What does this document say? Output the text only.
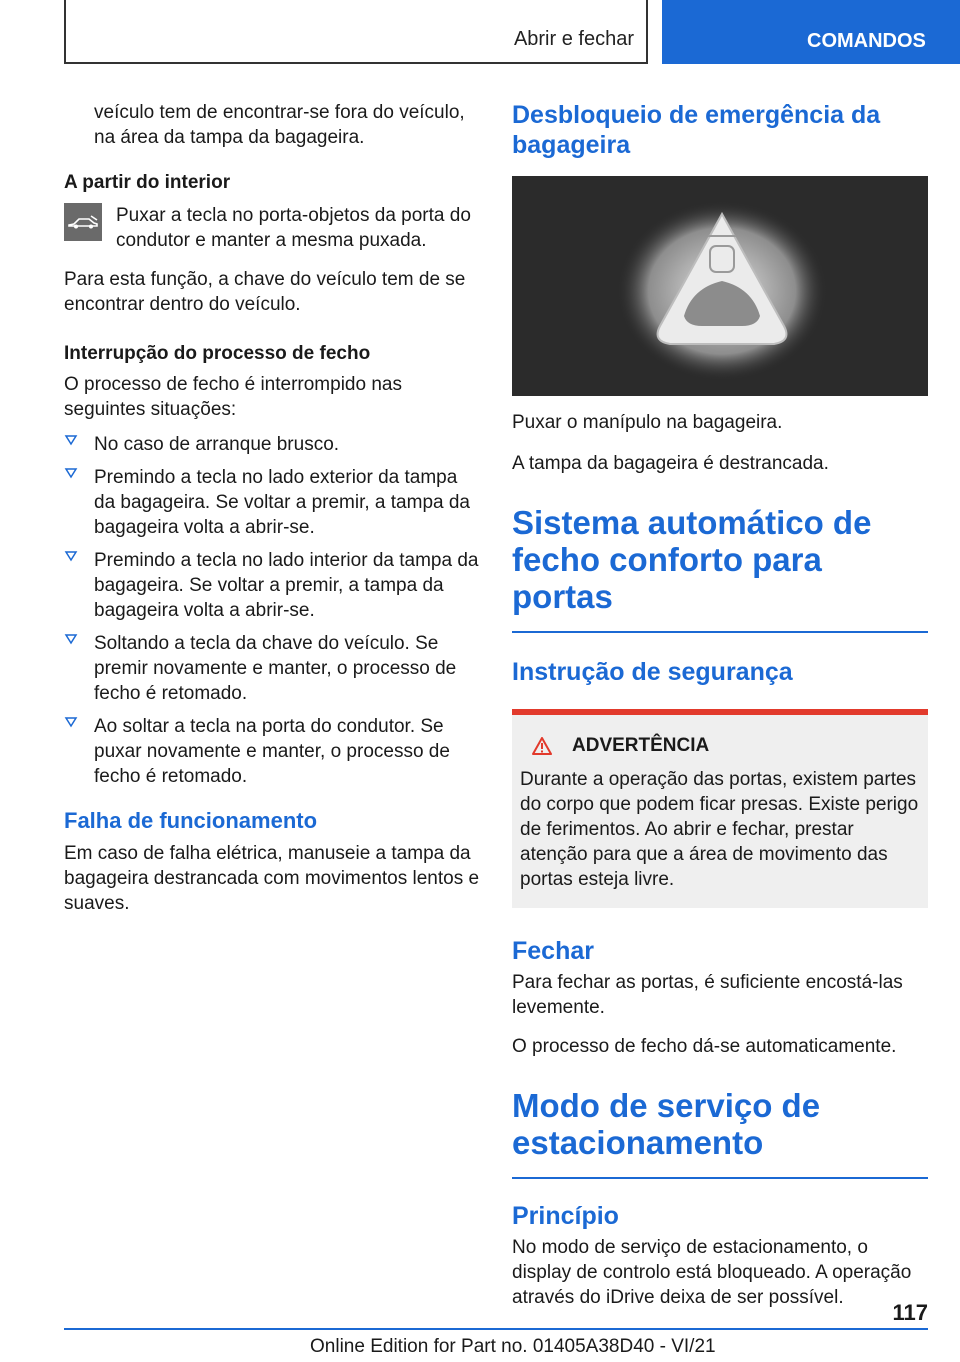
Abrir e fechar	COMANDOS

veículo tem de encontrar-se fora do veículo, na área da tampa da bagageira.

A partir do interior

Puxar a tecla no porta-objetos da porta do condutor e manter a mesma puxada.

Para esta função, a chave do veículo tem de se encontrar dentro do veículo.

Interrupção do processo de fecho

O processo de fecho é interrompido nas seguintes situações:

No caso de arranque brusco.
Premindo a tecla no lado exterior da tampa da bagageira. Se voltar a premir, a tampa da bagageira volta a abrir-se.
Premindo a tecla no lado interior da tampa da bagageira. Se voltar a premir, a tampa da bagageira volta a abrir-se.
Soltando a tecla da chave do veículo. Se premir novamente e manter, o processo de fecho é retomado.
Ao soltar a tecla na porta do condutor. Se puxar novamente e manter, o processo de fecho é retomado.

Falha de funcionamento

Em caso de falha elétrica, manuseie a tampa da bagageira destrancada com movimentos lentos e suaves.

Desbloqueio de emergência da bagageira

Puxar o manípulo na bagageira.

A tampa da bagageira é destrancada.

Sistema automático de fecho conforto para portas

Instrução de segurança

ADVERTÊNCIA

Durante a operação das portas, existem partes do corpo que podem ficar presas. Existe perigo de ferimentos. Ao abrir e fechar, prestar atenção para que a área de movimento das portas esteja livre.

Fechar

Para fechar as portas, é suficiente encostá-las levemente.

O processo de fecho dá-se automaticamente.

Modo de serviço de estacionamento

Princípio

No modo de serviço de estacionamento, o display de controlo está bloqueado. A operação através do iDrive deixa de ser possível.

117
Online Edition for Part no. 01405A38D40 - VI/21
